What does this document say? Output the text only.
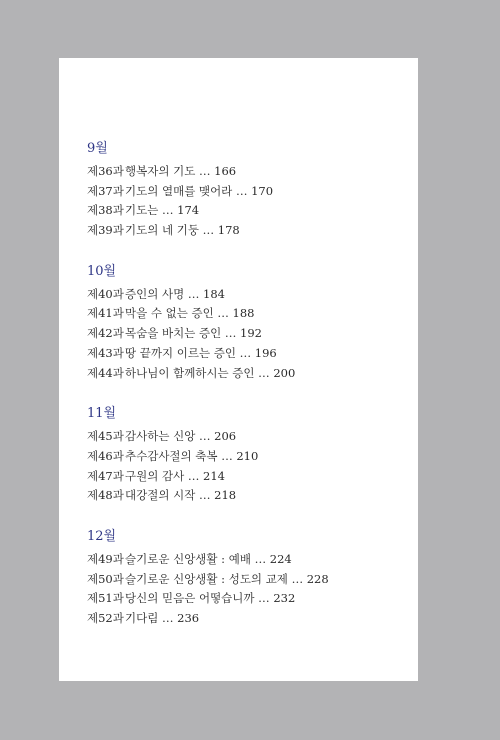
9월
제36과행복자의 기도 … 166
제37과기도의 열매를 맺어라 … 170
제38과기도는 … 174
제39과기도의 네 기둥 … 178
10월
제40과증인의 사명 … 184
제41과막을 수 없는 증인 … 188
제42과목숨을 바치는 증인 … 192
제43과땅 끝까지 이르는 증인 … 196
제44과하나님이 함께하시는 증인 … 200
11월
제45과감사하는 신앙 … 206
제46과추수감사절의 축복 … 210
제47과구원의 감사 … 214
제48과대강절의 시작 … 218
12월
제49과슬기로운 신앙생활 : 예배 … 224
제50과슬기로운 신앙생활 : 성도의 교제 … 228
제51과당신의 믿음은 어떻습니까 … 232
제52과기다림 … 236
